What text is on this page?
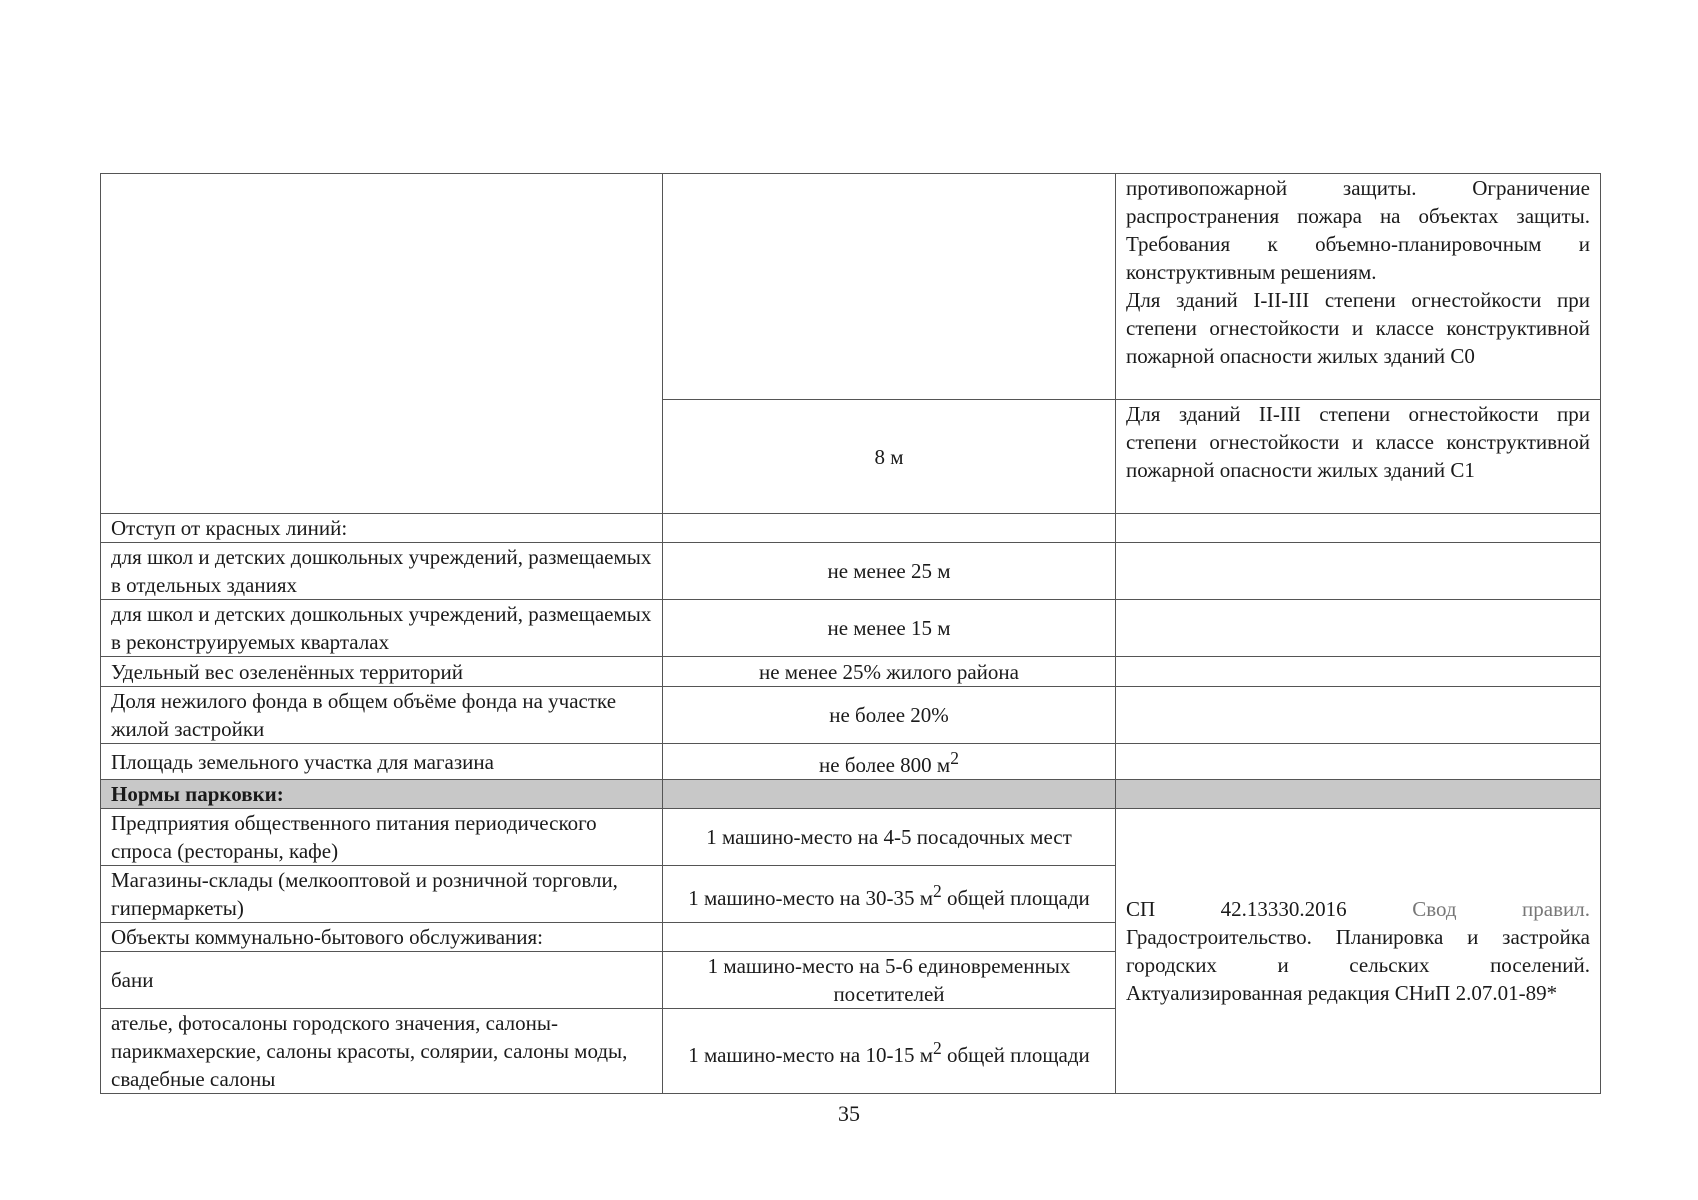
		противопожарной защиты. Ограничение распространения пожара на объектах защиты. Требования к объемно-планировочным и конструктивным решениям.
Для зданий I-II-III степени огнестойкости при степени огнестойкости и классе конструктивной пожарной опасности жилых зданий С0

	8 м	Для зданий II-III степени огнестойкости при степени огнестойкости и классе конструктивной пожарной опасности жилых зданий С1
Отступ от красных линий:		
для школ и детских дошкольных учреждений, размещаемых в отдельных зданиях	не менее 25 м	
для школ и детских дошкольных учреждений, размещаемых в реконструируемых кварталах	не менее 15 м	
Удельный вес озеленённых территорий	не менее 25% жилого района	
Доля нежилого фонда в общем объёме фонда на участке жилой застройки	не более 20%	
Площадь земельного участка для магазина	не более 800 $м^2$	
Нормы парковки:		
Предприятия общественного питания периодического спроса (рестораны, кафе)	1 машино-место на 4-5 посадочных мест	СП 42.13330.2016 Свод правил. Градостроительство. Планировка и застройка городских и сельских поселений. Актуализированная редакция СНиП 2.07.01-89*
Магазины-склады (мелкооптовой и розничной торговли, гипермаркеты)	1 машино-место на 30-35 $м^2$ общей площади	
Объекты коммунально-бытового обслуживания:		
бани	1 машино-место на 5-6 единовременных посетителей	
ателье, фотосалоны городского значения, салоны-парикмахерские, салоны красоты, солярии, салоны моды, свадебные салоны	1 машино-место на 10-15 $м^2$ общей площади	
35
